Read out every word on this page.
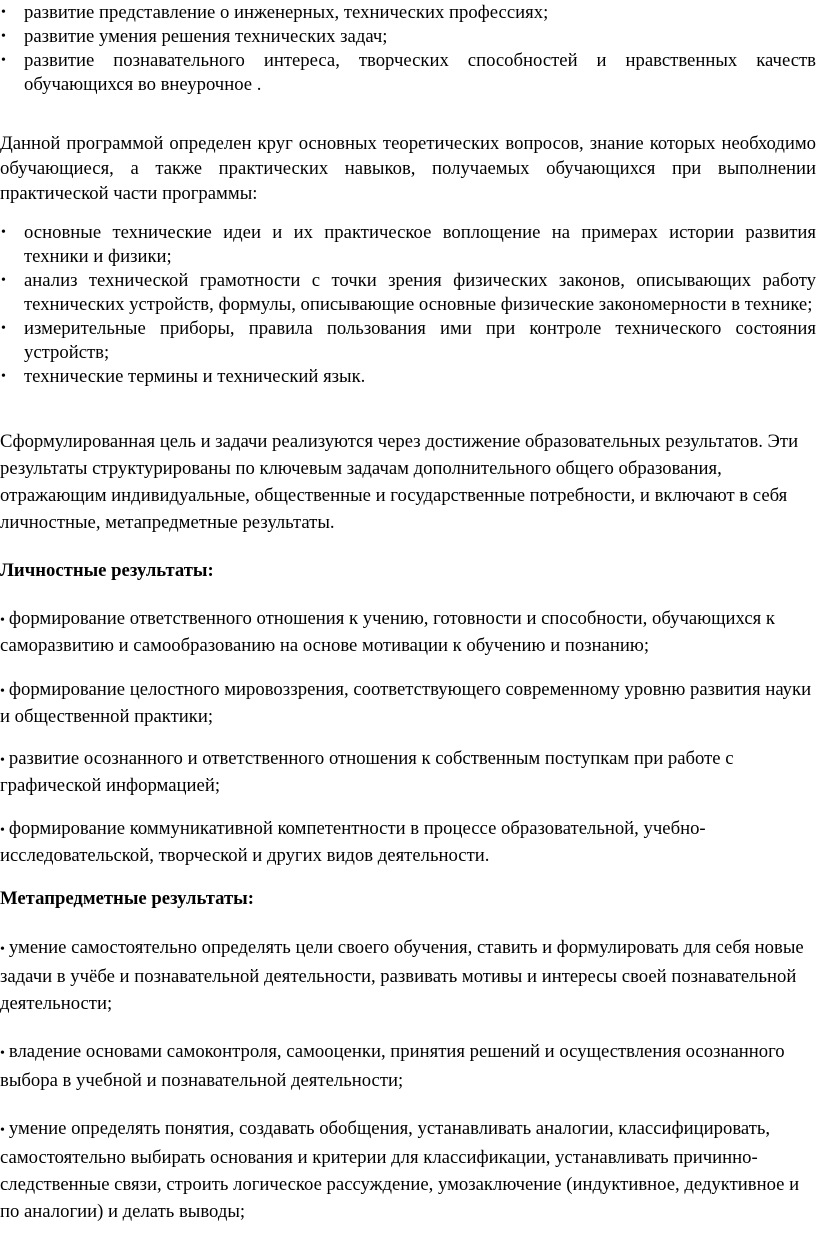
• развитие представление о инженерных, технических профессиях;
• развитие умения решения технических задач;
• развитие познавательного интереса, творческих способностей и нравственных качеств обучающихся во внеурочное .

Данной программой определен круг основных теоретических вопросов, знание которых необходимо обучающиеся, а также практических навыков, получаемых обучающихся при выполнении практической части программы:

• основные технические идеи и их практическое воплощение на примерах истории развития техники и физики;
• анализ технической грамотности с точки зрения физических законов, описывающих работу технических устройств, формулы, описывающие основные физические закономерности в технике;
• измерительные приборы, правила пользования ими при контроле технического состояния устройств;
• технические термины и технический язык.

Сформулированная цель и задачи реализуются через достижение образовательных результатов. Эти результаты структурированы по ключевым задачам дополнительного общего образования, отражающим индивидуальные, общественные и государственные потребности, и включают в себя личностные, метапредметные результаты.

Личностные результаты:

• формирование ответственного отношения к учению, готовности и способности, обучающихся к саморазвитию и самообразованию на основе мотивации к обучению и познанию;

• формирование целостного мировоззрения, соответствующего современному уровню развития науки и общественной практики;

• развитие осознанного и ответственного отношения к собственным поступкам при работе с графической информацией;

• формирование коммуникативной компетентности в процессе образовательной, учебно-исследовательской, творческой и других видов деятельности.

Метапредметные результаты:

• умение самостоятельно определять цели своего обучения, ставить и формулировать для себя новые задачи в учёбе и познавательной деятельности, развивать мотивы и интересы своей познавательной деятельности;

• владение основами самоконтроля, самооценки, принятия решений и осуществления осознанного выбора в учебной и познавательной деятельности;

• умение определять понятия, создавать обобщения, устанавливать аналогии, классифицировать, самостоятельно выбирать основания и критерии для классификации, устанавливать причинно-следственные связи, строить логическое рассуждение, умозаключение (индуктивное, дедуктивное и по аналогии) и делать выводы;
